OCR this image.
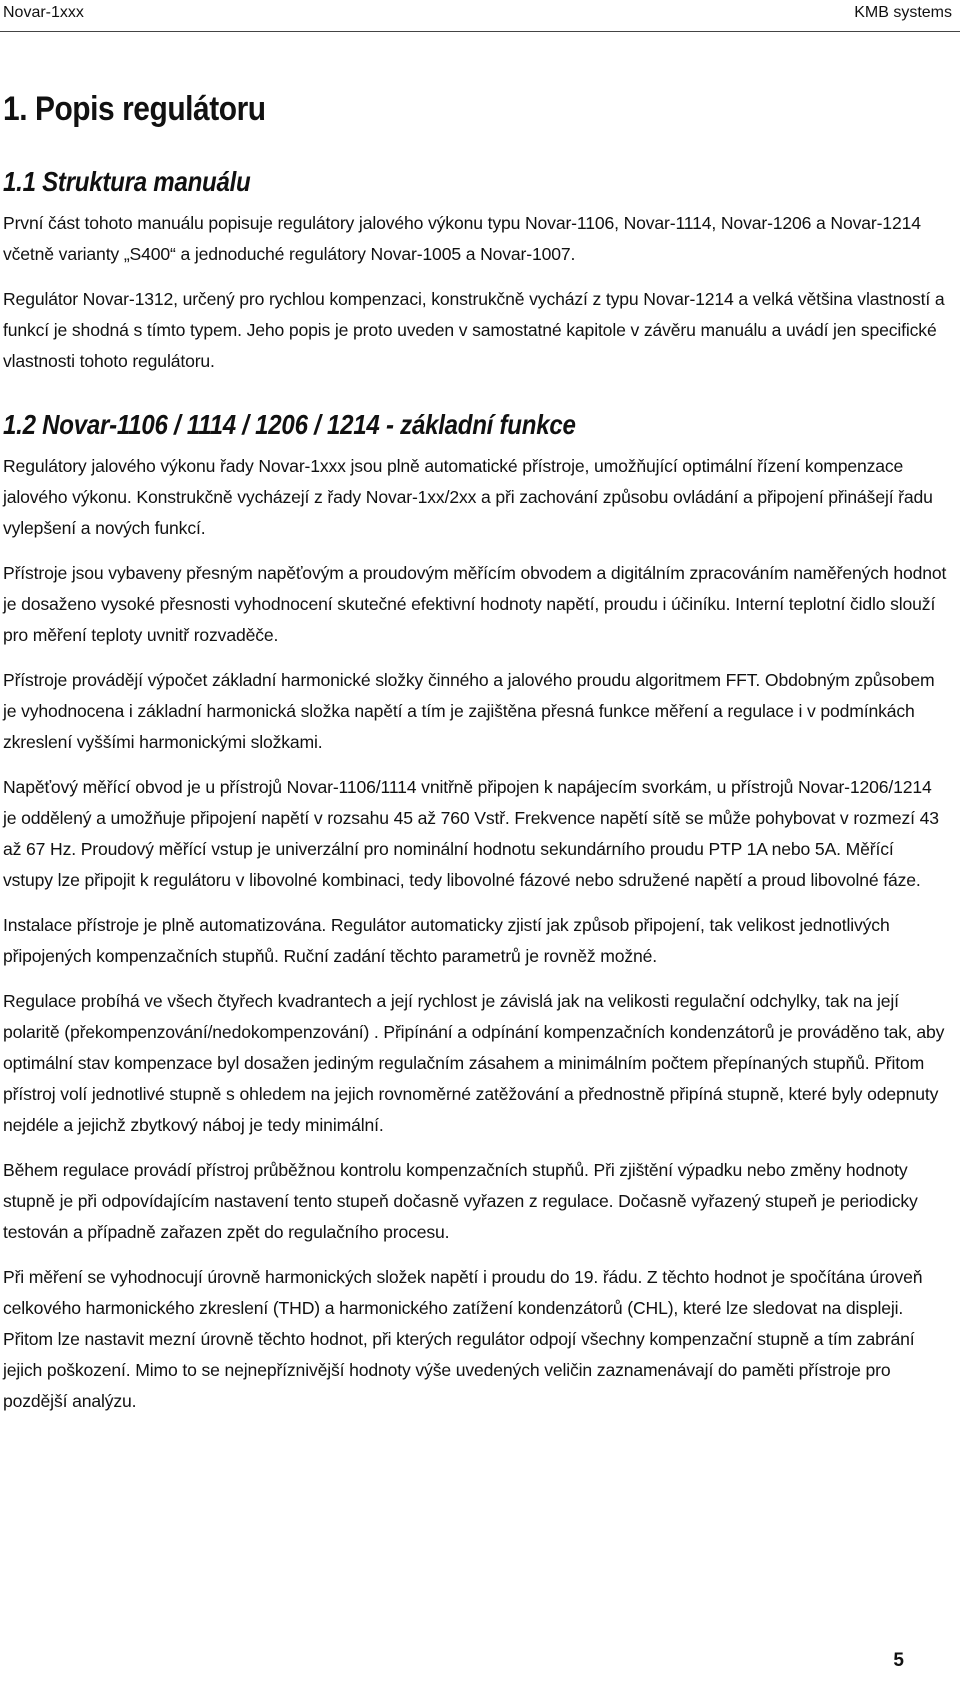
Novar-1xxx	KMB systems
1. Popis regulátoru
1.1 Struktura manuálu

První část tohoto manuálu popisuje regulátory jalového výkonu typu Novar-1106, Novar-1114, Novar-1206 a Novar-1214 včetně varianty „S400“ a jednoduché regulátory Novar-1005 a Novar-1007.

Regulátor Novar-1312, určený pro rychlou kompenzaci, konstrukčně vychází z typu Novar-1214 a velká většina vlastností a funkcí je shodná s tímto typem. Jeho popis je proto uveden v samostatné kapitole v závěru manuálu a uvádí jen specifické vlastnosti tohoto regulátoru.

1.2 Novar-1106 / 1114 / 1206 / 1214 - základní funkce

Regulátory jalového výkonu řady Novar-1xxx jsou plně automatické přístroje, umožňující optimální řízení kompenzace jalového výkonu. Konstrukčně vycházejí z řady Novar-1xx/2xx a při zachování způsobu ovládání a připojení přinášejí řadu vylepšení a nových funkcí.

Přístroje jsou vybaveny přesným napěťovým a proudovým měřícím obvodem a digitálním zpracováním naměřených hodnot je dosaženo vysoké přesnosti vyhodnocení skutečné efektivní hodnoty napětí, proudu i účiníku. Interní teplotní čidlo slouží pro měření teploty uvnitř rozvaděče.

Přístroje provádějí výpočet základní harmonické složky činného a jalového proudu algoritmem FFT. Obdobným způsobem je vyhodnocena i základní harmonická složka napětí a tím je zajištěna přesná funkce měření a regulace i v podmínkách zkreslení vyššími harmonickými složkami.

Napěťový měřící obvod je u přístrojů Novar-1106/1114 vnitřně připojen k napájecím svorkám, u přístrojů Novar-1206/1214 je oddělený a umožňuje připojení napětí v rozsahu 45 až 760 Vstř. Frekvence napětí sítě se může pohybovat v rozmezí 43 až 67 Hz. Proudový měřící vstup je univerzální pro nominální hodnotu sekundárního proudu PTP 1A nebo 5A. Měřící vstupy lze připojit k regulátoru v libovolné kombinaci, tedy libovolné fázové nebo sdružené napětí a proud libovolné fáze.

Instalace přístroje je plně automatizována. Regulátor automaticky zjistí jak způsob připojení, tak velikost jednotlivých připojených kompenzačních stupňů. Ruční zadání těchto parametrů je rovněž možné.

Regulace probíhá ve všech čtyřech kvadrantech a její rychlost je závislá jak na velikosti regulační odchylky, tak na její polaritě (překompenzování/nedokompenzování) . Připínání a odpínání kompenzačních kondenzátorů je prováděno tak, aby optimální stav kompenzace byl dosažen jediným regulačním zásahem a minimálním počtem přepínaných stupňů. Přitom přístroj volí jednotlivé stupně s ohledem na jejich rovnoměrné zatěžování a přednostně připíná stupně, které byly odepnuty nejdéle a jejichž zbytkový náboj je tedy minimální.

Během regulace provádí přístroj průběžnou kontrolu kompenzačních stupňů. Při zjištění výpadku nebo změny hodnoty stupně je při odpovídajícím nastavení tento stupeň dočasně vyřazen z regulace. Dočasně vyřazený stupeň je periodicky testován a případně zařazen zpět do regulačního procesu.

Při měření se vyhodnocují úrovně harmonických složek napětí i proudu do 19. řádu. Z těchto hodnot je spočítána úroveň celkového harmonického zkreslení (THD) a harmonického zatížení kondenzátorů (CHL), které lze sledovat na displeji. Přitom lze nastavit mezní úrovně těchto hodnot, při kterých regulátor odpojí všechny kompenzační stupně a tím zabrání jejich poškození. Mimo to se nejnepříznivější hodnoty výše uvedených veličin zaznamenávají do paměti přístroje pro pozdější analýzu.

5
